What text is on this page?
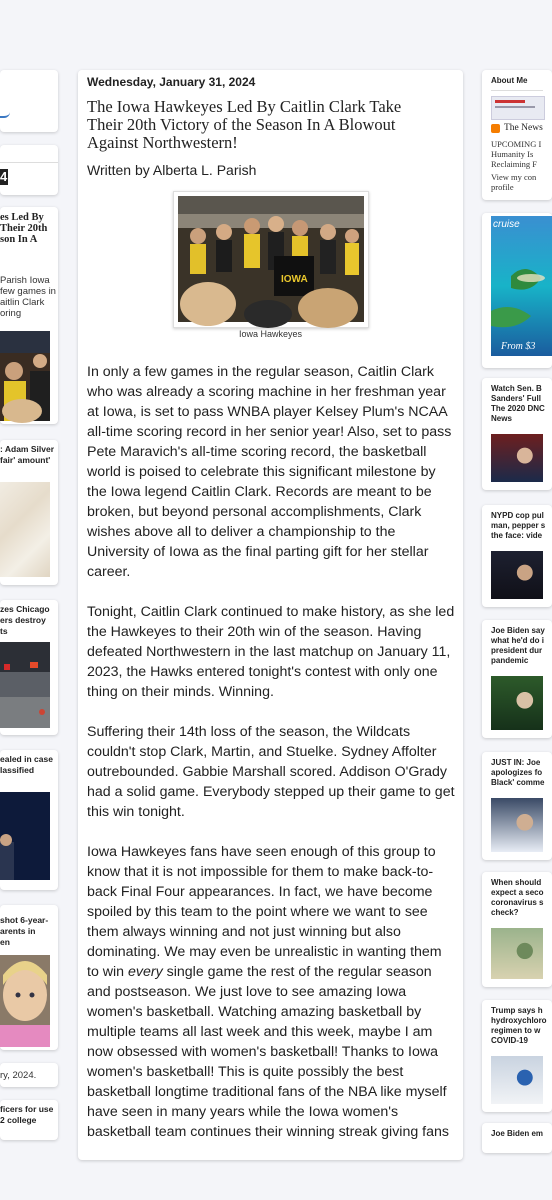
4
es Led By
Their 20th
son In A
Parish Iowa
few games in
aitlin Clark
oring
: Adam Silver
fair' amount'
zes Chicago
ers destroy
ts
ealed in case
lassified
shot 6-year-
arents in
en
ry, 2024.
ficers for use
2 college
Wednesday, January 31, 2024
The Iowa Hawkeyes Led By Caitlin Clark Take Their 20th Victory of the Season In A Blowout Against Northwestern!
Written by Alberta L. Parish
IOWA
Iowa Hawkeyes

In only a few games in the regular season, Caitlin Clark who was already a scoring machine in her freshman year at Iowa, is set to pass WNBA player Kelsey Plum's NCAA all-time scoring record in her senior year! Also, set to pass Pete Maravich's all-time scoring record, the basketball world is poised to celebrate this significant milestone by the Iowa legend Caitlin Clark. Records are meant to be broken, but beyond personal accomplishments, Clark wishes above all to deliver a championship to the University of Iowa as the final parting gift for her stellar career.

Tonight, Caitlin Clark continued to make history, as she led the Hawkeyes to their 20th win of the season. Having defeated Northwestern in the last matchup on January 11, 2023, the Hawks entered tonight's contest with only one thing on their minds. Winning.

Suffering their 14th loss of the season, the Wildcats couldn't stop Clark, Martin, and Stuelke. Sydney Affolter outrebounded. Gabbie Marshall scored. Addison O'Grady had a solid game. Everybody stepped up their game to get this win tonight.

Iowa Hawkeyes fans have seen enough of this group to know that it is not impossible for them to make back-to-back Final Four appearances. In fact, we have become spoiled by this team to the point where we want to see them always winning and not just winning but also dominating. We may even be unrealistic in wanting them to win every single game the rest of the regular season and postseason. We just love to see amazing Iowa women's basketball. Watching amazing basketball by multiple teams all last week and this week, maybe I am now obsessed with women's basketball! Thanks to Iowa women's basketball! This is quite possibly the best basketball longtime traditional fans of the NBA like myself have seen in many years while the Iowa women's basketball team continues their winning streak giving fans

About Me
The News
UPCOMING I
Humanity Is
Reclaiming F
View my con
profile
cruise
From $3
Watch Sen. B
Sanders' Full
The 2020 DNC
News
NYPD cop pul
man, pepper s
the face: vide
Joe Biden say
what he'd do i
president dur
pandemic
JUST IN: Joe
apologizes fo
Black' comme
When should
expect a seco
coronavirus s
check?
Trump says h
hydroxychloro
regimen to w
COVID-19
Joe Biden em
